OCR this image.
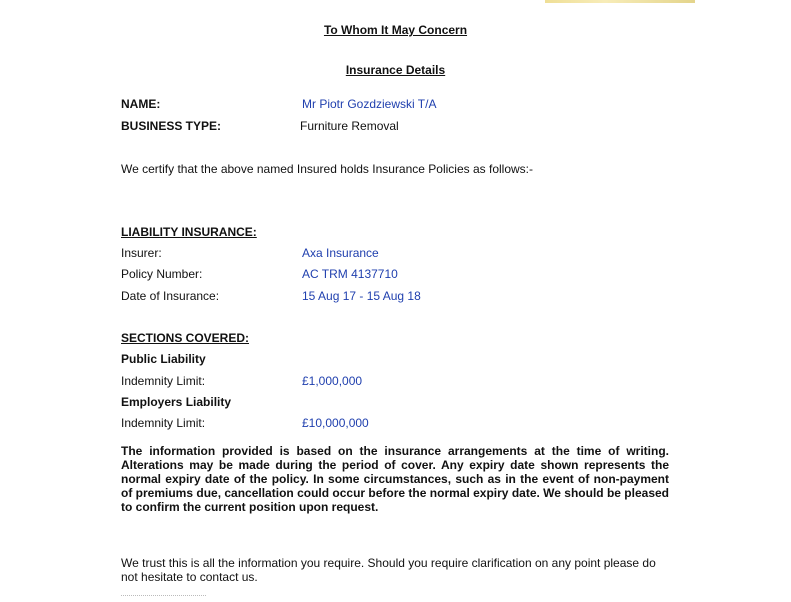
To Whom It May Concern
Insurance Details
NAME:	Mr Piotr Gozdziewski T/A
BUSINESS TYPE:	Furniture Removal
We certify that the above named Insured holds Insurance Policies as follows:-
LIABILITY INSURANCE:
Insurer:	Axa Insurance
Policy Number:	AC TRM 4137710
Date of Insurance:	15 Aug 17 - 15 Aug 18
SECTIONS COVERED:
Public Liability
Indemnity Limit:	£1,000,000
Employers Liability
Indemnity Limit:	£10,000,000
The information provided is based on the insurance arrangements at the time of writing. Alterations may be made during the period of cover. Any expiry date shown represents the normal expiry date of the policy. In some circumstances, such as in the event of non-payment of premiums due, cancellation could occur before the normal expiry date. We should be pleased to confirm the current position upon request.
We trust this is all the information you require. Should you require clarification on any point please do not hesitate to contact us.
